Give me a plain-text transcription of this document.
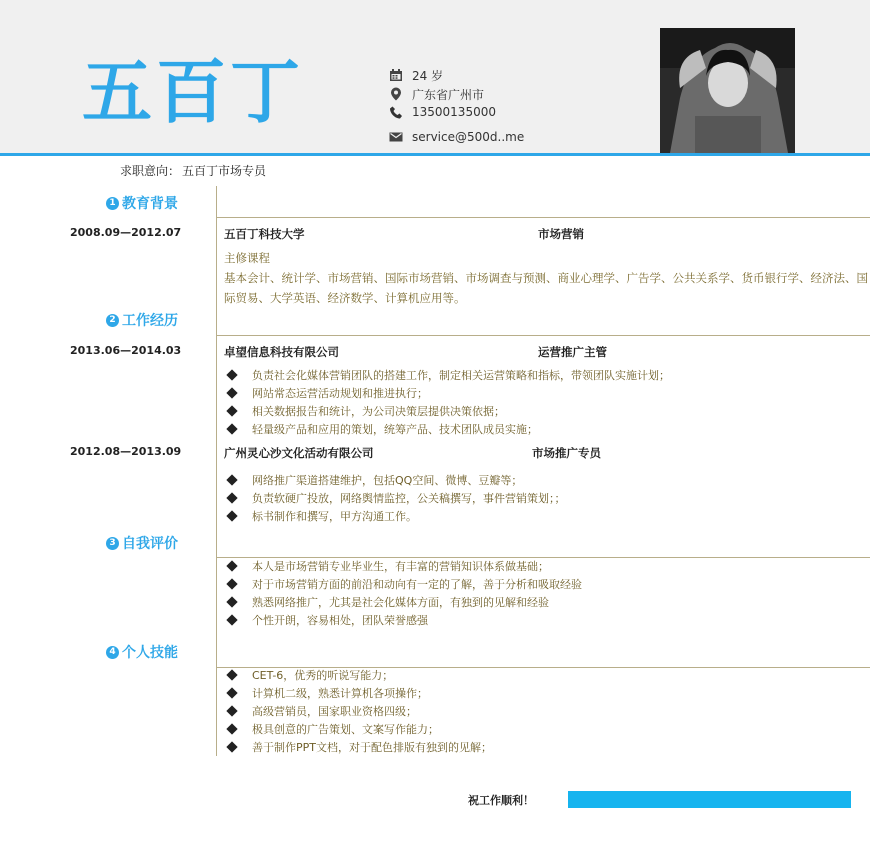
五百丁	24 岁
广东省广州市
13500135000
service@500d..me
求职意向： 五百丁市场专员
1 教育背景
2008.09—2012.07	五百丁科技大学	市场营销
主修课程
基本会计、统计学、市场营销、国际市场营销、市场调查与预测、商业心理学、广告学、公共关系学、货币银行学、经济法、国际贸易、大学英语、经济数学、计算机应用等。
2 工作经历
2013.06—2014.03	卓望信息科技有限公司	运营推广主管
负责社会化媒体营销团队的搭建工作，制定相关运营策略和指标，带领团队实施计划；
网站常态运营活动规划和推进执行；
相关数据报告和统计，为公司决策层提供决策依据；
轻量级产品和应用的策划，统筹产品、技术团队成员实施；
2012.08—2013.09	广州灵心沙文化活动有限公司	市场推广专员
网络推广渠道搭建维护，包括QQ空间、微博、豆瓣等；
负责软硬广投放，网络舆情监控，公关稿撰写，事件营销策划；；
标书制作和撰写，甲方沟通工作。
3 自我评价
本人是市场营销专业毕业生，有丰富的营销知识体系做基础；
对于市场营销方面的前沿和动向有一定的了解，善于分析和吸取经验
熟悉网络推广，尤其是社会化媒体方面，有独到的见解和经验
个性开朗，容易相处，团队荣誉感强
4 个人技能
CET-6，优秀的听说写能力；
计算机二级，熟悉计算机各项操作；
高级营销员，国家职业资格四级；
极具创意的广告策划、文案写作能力；
善于制作PPT文档，对于配色排版有独到的见解；
祝工作顺利！
